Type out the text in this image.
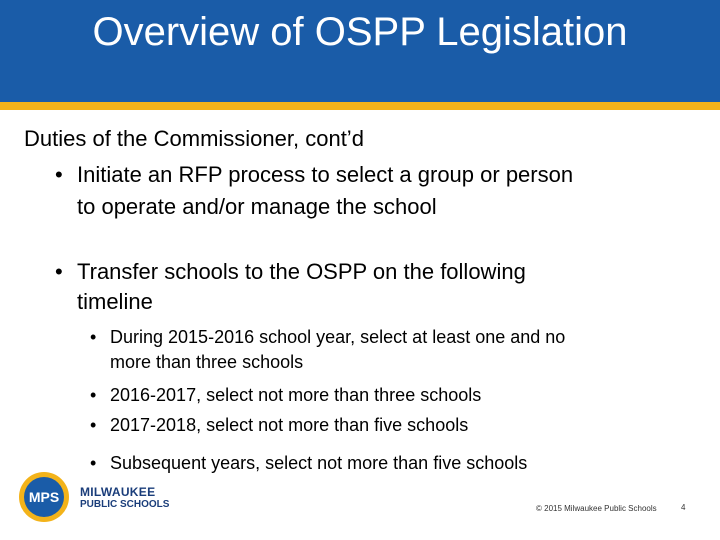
Overview of OSPP Legislation
Duties of the Commissioner, cont’d
• Initiate an RFP process to select a group or person
to operate and/or manage the school
• Transfer schools to the OSPP on the following
timeline
• During 2015-2016 school year, select at least one and no
more than three schools
• 2016-2017, select not more than three schools
• 2017-2018, select not more than five schools
• Subsequent years, select not more than five schools
MPS MILWAUKEE
PUBLIC SCHOOLS	© 2015 Milwaukee Public Schools	4
